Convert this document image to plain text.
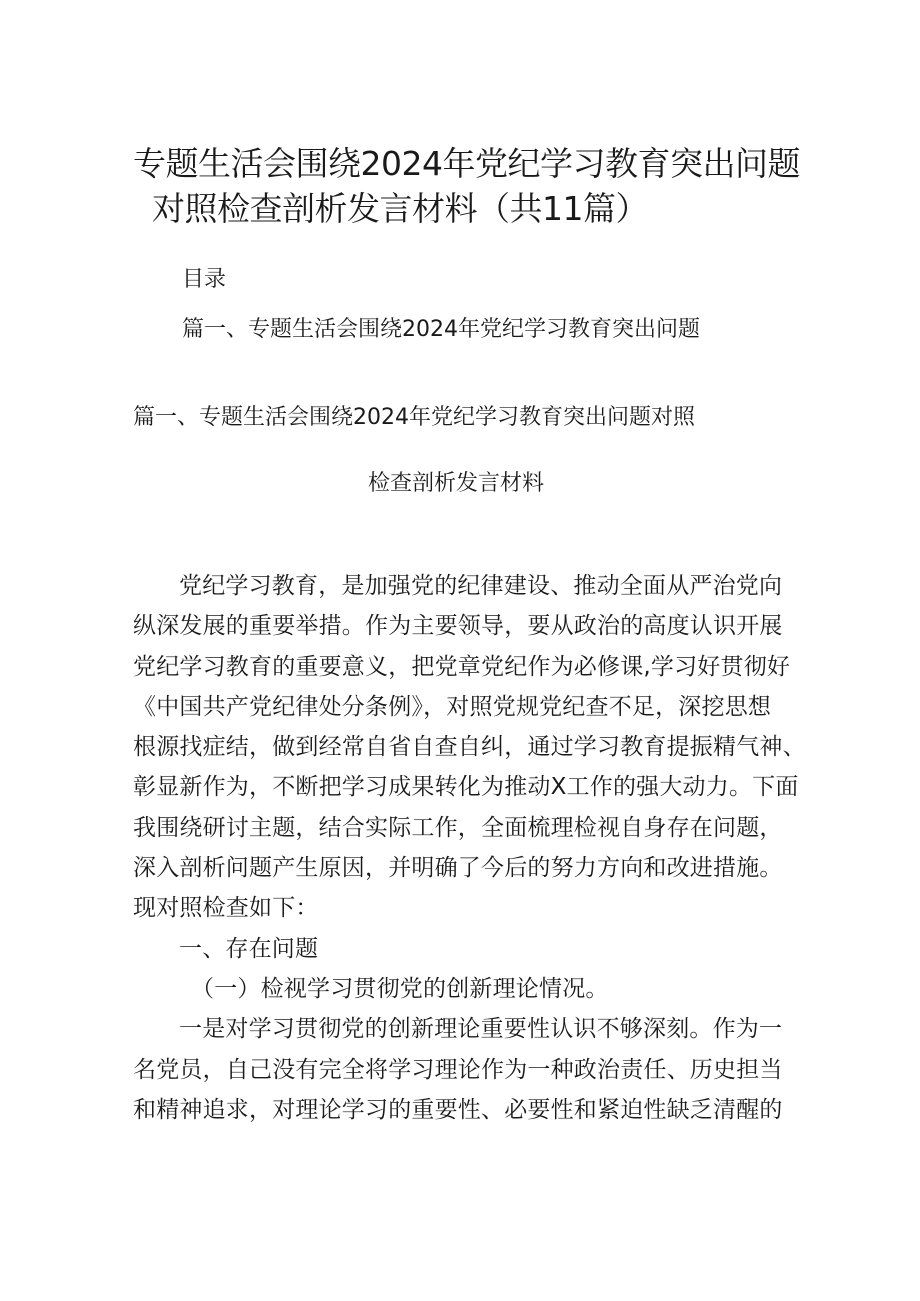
专题生活会围绕2024年党纪学习教育突出问题
对照检查剖析发言材料（共11篇）
目录
篇一、专题生活会围绕2024年党纪学习教育突出问题
篇一、专题生活会围绕2024年党纪学习教育突出问题对照
检查剖析发言材料
党纪学习教育，是加强党的纪律建设、推动全面从严治党向
纵深发展的重要举措。作为主要领导，要从政治的高度认识开展
党纪学习教育的重要意义，把党章党纪作为必修课,学习好贯彻好
《中国共产党纪律处分条例》，对照党规党纪查不足，深挖思想
根源找症结，做到经常自省自查自纠，通过学习教育提振精气神、
彰显新作为，不断把学习成果转化为推动X工作的强大动力。下面
我围绕研讨主题，结合实际工作，全面梳理检视自身存在问题，
深入剖析问题产生原因，并明确了今后的努力方向和改进措施。
现对照检查如下：
一、存在问题
（一）检视学习贯彻党的创新理论情况。
一是对学习贯彻党的创新理论重要性认识不够深刻。作为一
名党员，自己没有完全将学习理论作为一种政治责任、历史担当
和精神追求，对理论学习的重要性、必要性和紧迫性缺乏清醒的
